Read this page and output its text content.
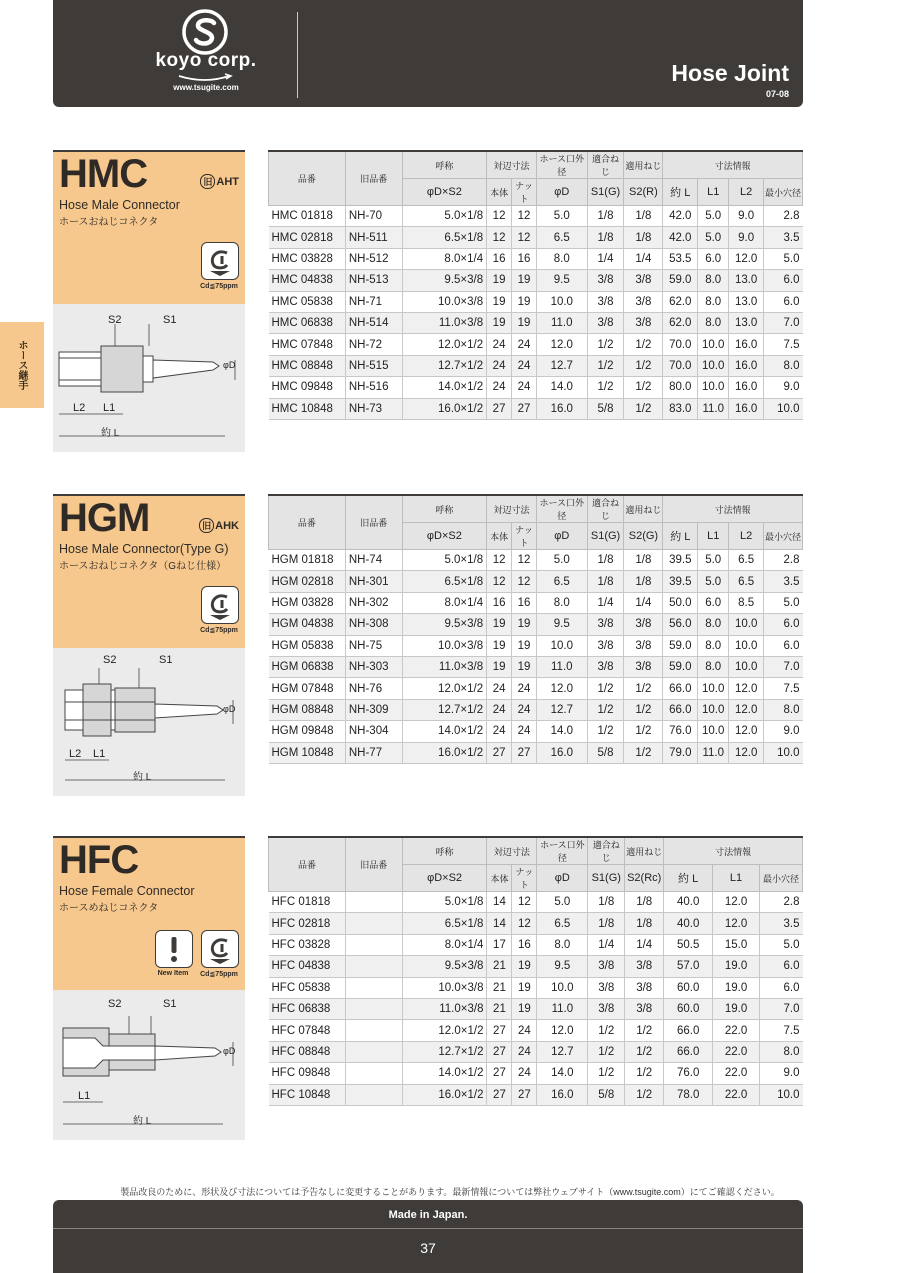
koyo corp.
www.tsugite.com
Hose Joint
07-08
ホース継手
HMC	旧 AHT
Hose Male Connector
ホースおねじコネクタ
Cd≦75ppm
S2	S1
φD
L2 L1
約 L
品番	旧品番	呼称	対辺寸法		ホース口外径	適合ねじ	適用ねじ	寸法情報			
		φD×S2	本体	ナット	φD	S1(G)	S2(R)	約 L	L1	L2	最小穴径
HMC 01818	NH-70	5.0×1/8	12	12	5.0	1/8	1/8	42.0	5.0	9.0	2.8
HMC 02818	NH-511	6.5×1/8	12	12	6.5	1/8	1/8	42.0	5.0	9.0	3.5
HMC 03828	NH-512	8.0×1/4	16	16	8.0	1/4	1/4	53.5	6.0	12.0	5.0
HMC 04838	NH-513	9.5×3/8	19	19	9.5	3/8	3/8	59.0	8.0	13.0	6.0
HMC 05838	NH-71	10.0×3/8	19	19	10.0	3/8	3/8	62.0	8.0	13.0	6.0
HMC 06838	NH-514	11.0×3/8	19	19	11.0	3/8	3/8	62.0	8.0	13.0	7.0
HMC 07848	NH-72	12.0×1/2	24	24	12.0	1/2	1/2	70.0	10.0	16.0	7.5
HMC 08848	NH-515	12.7×1/2	24	24	12.7	1/2	1/2	70.0	10.0	16.0	8.0
HMC 09848	NH-516	14.0×1/2	24	24	14.0	1/2	1/2	80.0	10.0	16.0	9.0
HMC 10848	NH-73	16.0×1/2	27	27	16.0	5/8	1/2	83.0	11.0	16.0	10.0
HGM	旧 AHK
Hose Male Connector(Type G)
ホースおねじコネクタ（Gねじ仕様）
Cd≦75ppm
S2	S1
φD
L2 L1
約 L
品番	旧品番	呼称	対辺寸法		ホース口外径	適合ねじ	適用ねじ	寸法情報			
		φD×S2	本体	ナット	φD	S1(G)	S2(G)	約 L	L1	L2	最小穴径
HGM 01818	NH-74	5.0×1/8	12	12	5.0	1/8	1/8	39.5	5.0	6.5	2.8
HGM 02818	NH-301	6.5×1/8	12	12	6.5	1/8	1/8	39.5	5.0	6.5	3.5
HGM 03828	NH-302	8.0×1/4	16	16	8.0	1/4	1/4	50.0	6.0	8.5	5.0
HGM 04838	NH-308	9.5×3/8	19	19	9.5	3/8	3/8	56.0	8.0	10.0	6.0
HGM 05838	NH-75	10.0×3/8	19	19	10.0	3/8	3/8	59.0	8.0	10.0	6.0
HGM 06838	NH-303	11.0×3/8	19	19	11.0	3/8	3/8	59.0	8.0	10.0	7.0
HGM 07848	NH-76	12.0×1/2	24	24	12.0	1/2	1/2	66.0	10.0	12.0	7.5
HGM 08848	NH-309	12.7×1/2	24	24	12.7	1/2	1/2	66.0	10.0	12.0	8.0
HGM 09848	NH-304	14.0×1/2	24	24	14.0	1/2	1/2	76.0	10.0	12.0	9.0
HGM 10848	NH-77	16.0×1/2	27	27	16.0	5/8	1/2	79.0	11.0	12.0	10.0
HFC
Hose Female Connector
ホースめねじコネクタ
New Item	Cd≦75ppm
S2	S1
φD
L1
約 L
品番	旧品番	呼称	対辺寸法		ホース口外径	適合ねじ	適用ねじ	寸法情報		
		φD×S2	本体	ナット	φD	S1(G)	S2(Rc)	約 L	L1	最小穴径
HFC 01818		5.0×1/8	14	12	5.0	1/8	1/8	40.0	12.0	2.8
HFC 02818		6.5×1/8	14	12	6.5	1/8	1/8	40.0	12.0	3.5
HFC 03828		8.0×1/4	17	16	8.0	1/4	1/4	50.5	15.0	5.0
HFC 04838		9.5×3/8	21	19	9.5	3/8	3/8	57.0	19.0	6.0
HFC 05838		10.0×3/8	21	19	10.0	3/8	3/8	60.0	19.0	6.0
HFC 06838		11.0×3/8	21	19	11.0	3/8	3/8	60.0	19.0	7.0
HFC 07848		12.0×1/2	27	24	12.0	1/2	1/2	66.0	22.0	7.5
HFC 08848		12.7×1/2	27	24	12.7	1/2	1/2	66.0	22.0	8.0
HFC 09848		14.0×1/2	27	24	14.0	1/2	1/2	76.0	22.0	9.0
HFC 10848		16.0×1/2	27	27	16.0	5/8	1/2	78.0	22.0	10.0
製品改良のために、形状及び寸法については予告なしに変更することがあります。最新情報については弊社ウェブサイト（www.tsugite.com）にてご確認ください。
Made in Japan.
37
